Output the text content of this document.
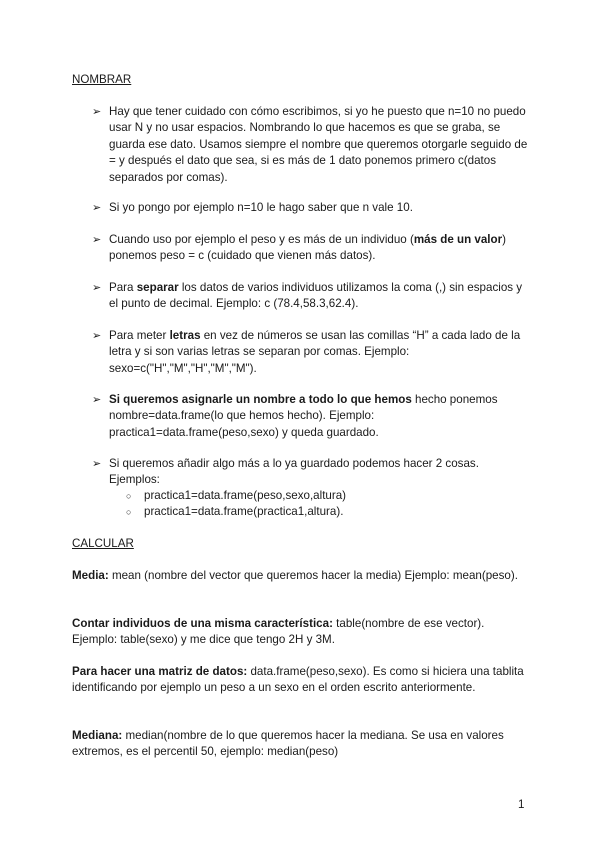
NOMBRAR
➢ Hay que tener cuidado con cómo escribimos, si yo he puesto que n=10 no puedo usar N y no usar espacios. Nombrando lo que hacemos es que se graba, se guarda ese dato. Usamos siempre el nombre que queremos otorgarle seguido de = y después el dato que sea, si es más de 1 dato ponemos primero c(datos separados por comas).
➢ Si yo pongo por ejemplo n=10 le hago saber que n vale 10.
➢ Cuando uso por ejemplo el peso y es más de un individuo (más de un valor) ponemos peso = c (cuidado que vienen más datos).
➢ Para separar los datos de varios individuos utilizamos la coma (,) sin espacios y el punto de decimal. Ejemplo: c (78.4,58.3,62.4).
➢ Para meter letras en vez de números se usan las comillas “H” a cada lado de la letra y si son varias letras se separan por comas. Ejemplo: sexo=c("H","M","H","M","M").
➢ Si queremos asignarle un nombre a todo lo que hemos hecho ponemos nombre=data.frame(lo que hemos hecho). Ejemplo: practica1=data.frame(peso,sexo) y queda guardado.
➢ Si queremos añadir algo más a lo ya guardado podemos hacer 2 cosas. Ejemplos:
○ practica1=data.frame(peso,sexo,altura)
○ practica1=data.frame(practica1,altura).
CALCULAR
Media: mean (nombre del vector que queremos hacer la media) Ejemplo: mean(peso).
Contar individuos de una misma característica: table(nombre de ese vector). Ejemplo: table(sexo) y me dice que tengo 2H y 3M.
Para hacer una matriz de datos: data.frame(peso,sexo). Es como si hiciera una tablita identificando por ejemplo un peso a un sexo en el orden escrito anteriormente.
Mediana: median(nombre de lo que queremos hacer la mediana. Se usa en valores extremos, es el percentil 50, ejemplo: median(peso)
1
